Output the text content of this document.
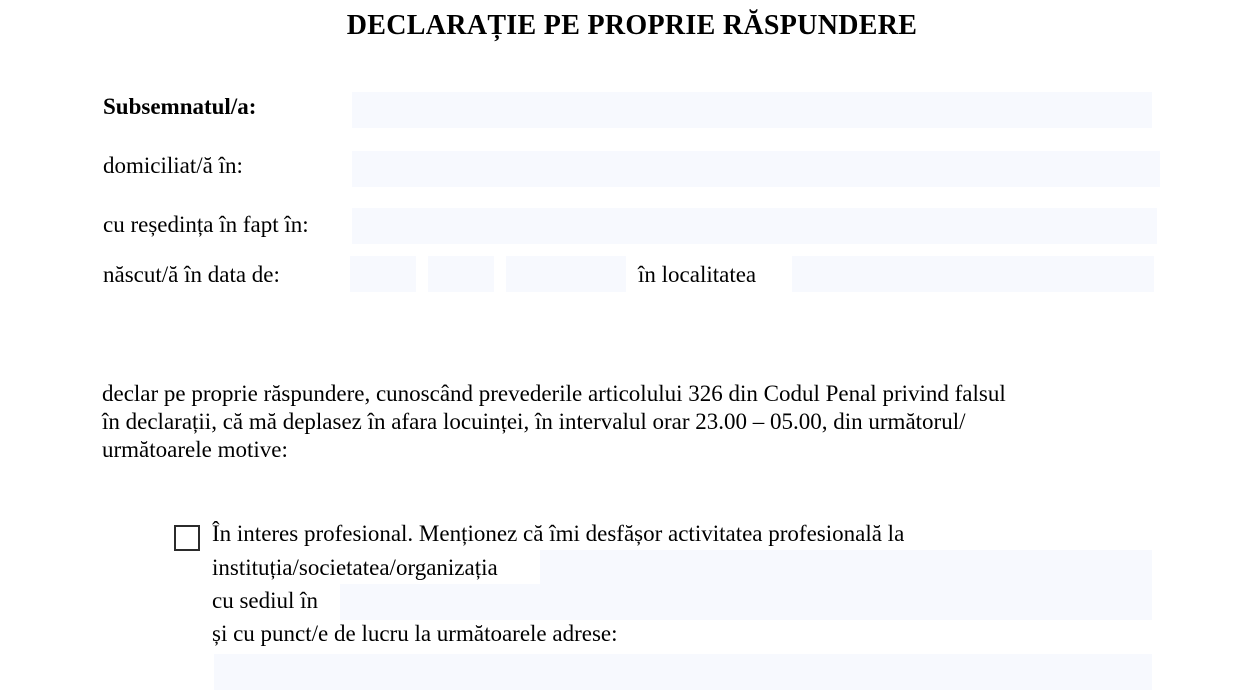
DECLARAȚIE PE PROPRIE RĂSPUNDERE
Subsemnatul/a:
domiciliat/ă în:
cu reședința în fapt în:
născut/ă în data de:	în localitatea
declar pe proprie răspundere, cunoscând prevederile articolului 326 din Codul Penal privind falsul
în declarații, că mă deplasez în afara locuinței, în intervalul orar 23.00 – 05.00, din următorul/
următoarele motive:
În interes profesional. Menționez că îmi desfășor activitatea profesională la
instituția/societatea/organizația
cu sediul în
și cu punct/e de lucru la următoarele adrese:
